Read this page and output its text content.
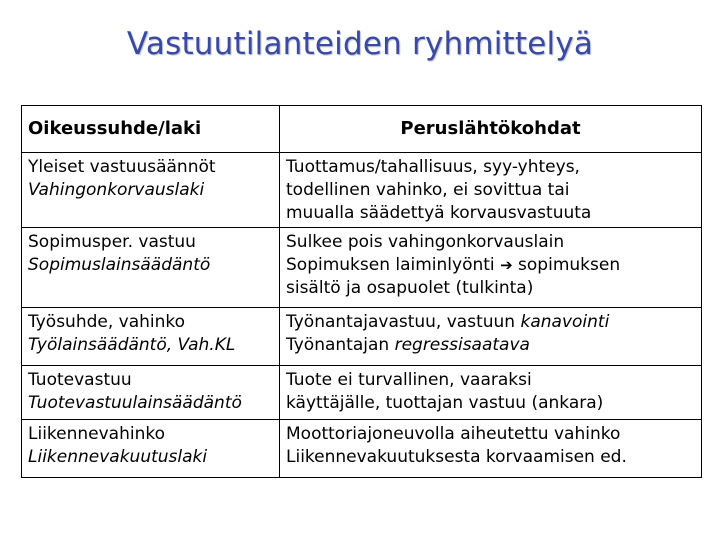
Vastuutilanteiden ryhmittelyä
Oikeussuhde/laki	Peruslähtökohdat

Yleiset vastuusäännöt
Vahingonkorvauslaki	Tuottamus/tahallisuus, syy-yhteys,
todellinen vahinko, ei sovittua tai
muualla säädettyä korvausvastuuta

Sopimusper. vastuu
Sopimuslainsäädäntö	Sulkee pois vahingonkorvauslain
Sopimuksen laiminlyönti ➔ sopimuksen
sisältö ja osapuolet (tulkinta)

Työsuhde, vahinko
Työlainsäädäntö, Vah.KL	Työnantajavastuu, vastuun kanavointi
Työnantajan regressisaatava

Tuotevastuu
Tuotevastuulainsäädäntö	Tuote ei turvallinen, vaaraksi
käyttäjälle, tuottajan vastuu (ankara)

Liikennevahinko
Liikennevakuutuslaki	Moottoriajoneuvolla aiheutettu vahinko
Liikennevakuutuksesta korvaamisen ed.
